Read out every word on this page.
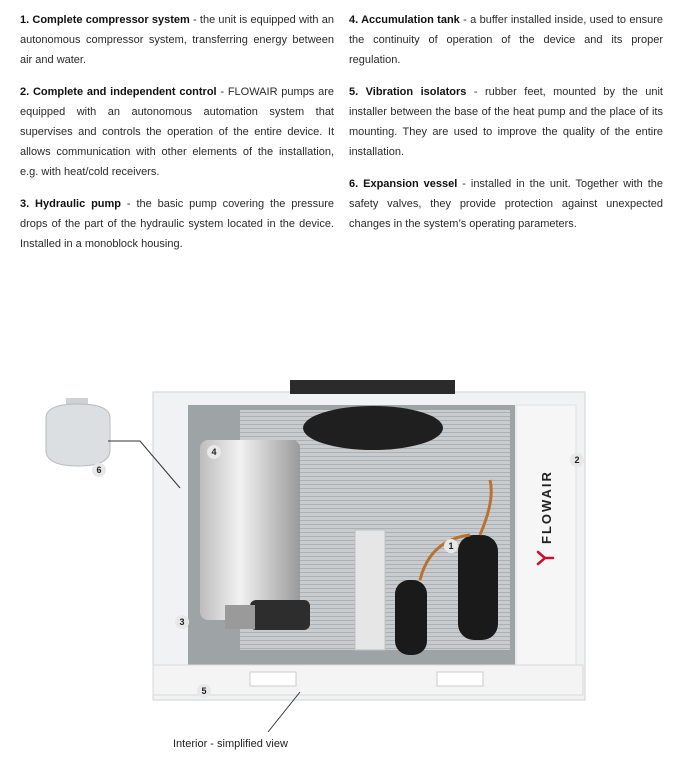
1. Complete compressor system - the unit is equipped with an autonomous compressor system, transferring energy between air and water.

2. Complete and independent control - FLOWAIR pumps are equipped with an autonomous automation system that supervises and controls the operation of the entire device. It allows communication with other elements of the installation, e.g. with heat/cold receivers.

3. Hydraulic pump - the basic pump covering the pressure drops of the part of the hydraulic system located in the device. Installed in a monoblock housing.

4. Accumulation tank - a buffer installed inside, used to ensure the continuity of operation of the device and its proper regulation.

5. Vibration isolators - rubber feet, mounted by the unit installer between the base of the heat pump and the place of its mounting. They are used to improve the quality of the entire installation.

6. Expansion vessel - installed in the unit. Together with the safety valves, they provide protection against unexpected changes in the system’s operating parameters.

FLOWAIR
1
2
3
4
5
6
Interior - simplified view
